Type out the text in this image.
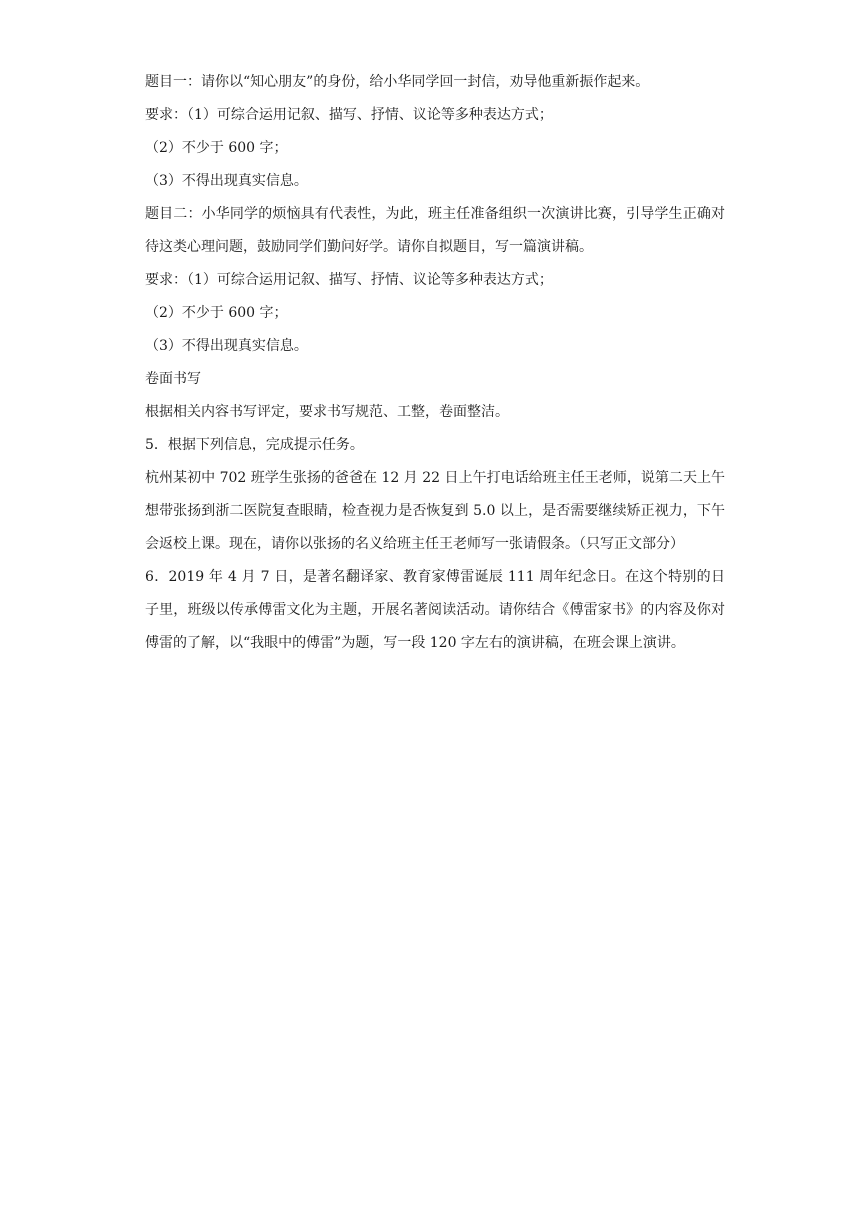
题目一：请你以“知心朋友”的身份，给小华同学回一封信，劝导他重新振作起来。
要求：（1）可综合运用记叙、描写、抒情、议论等多种表达方式；
（2）不少于 600 字；
（3）不得出现真实信息。
题目二：小华同学的烦恼具有代表性，为此，班主任准备组织一次演讲比赛，引导学生正确对待这类心理问题，鼓励同学们勤问好学。请你自拟题目，写一篇演讲稿。
要求：（1）可综合运用记叙、描写、抒情、议论等多种表达方式；
（2）不少于 600 字；
（3）不得出现真实信息。
卷面书写
根据相关内容书写评定，要求书写规范、工整，卷面整洁。
5．根据下列信息，完成提示任务。
杭州某初中 702 班学生张扬的爸爸在 12 月 22 日上午打电话给班主任王老师，说第二天上午想带张扬到浙二医院复查眼睛，检查视力是否恢复到 5.0 以上，是否需要继续矫正视力，下午会返校上课。现在，请你以张扬的名义给班主任王老师写一张请假条。（只写正文部分）
6．2019 年 4 月 7 日，是著名翻译家、教育家傅雷诞辰 111 周年纪念日。在这个特别的日子里，班级以传承傅雷文化为主题，开展名著阅读活动。请你结合《傅雷家书》的内容及你对傅雷的了解，以“我眼中的傅雷”为题，写一段 120 字左右的演讲稿，在班会课上演讲。
